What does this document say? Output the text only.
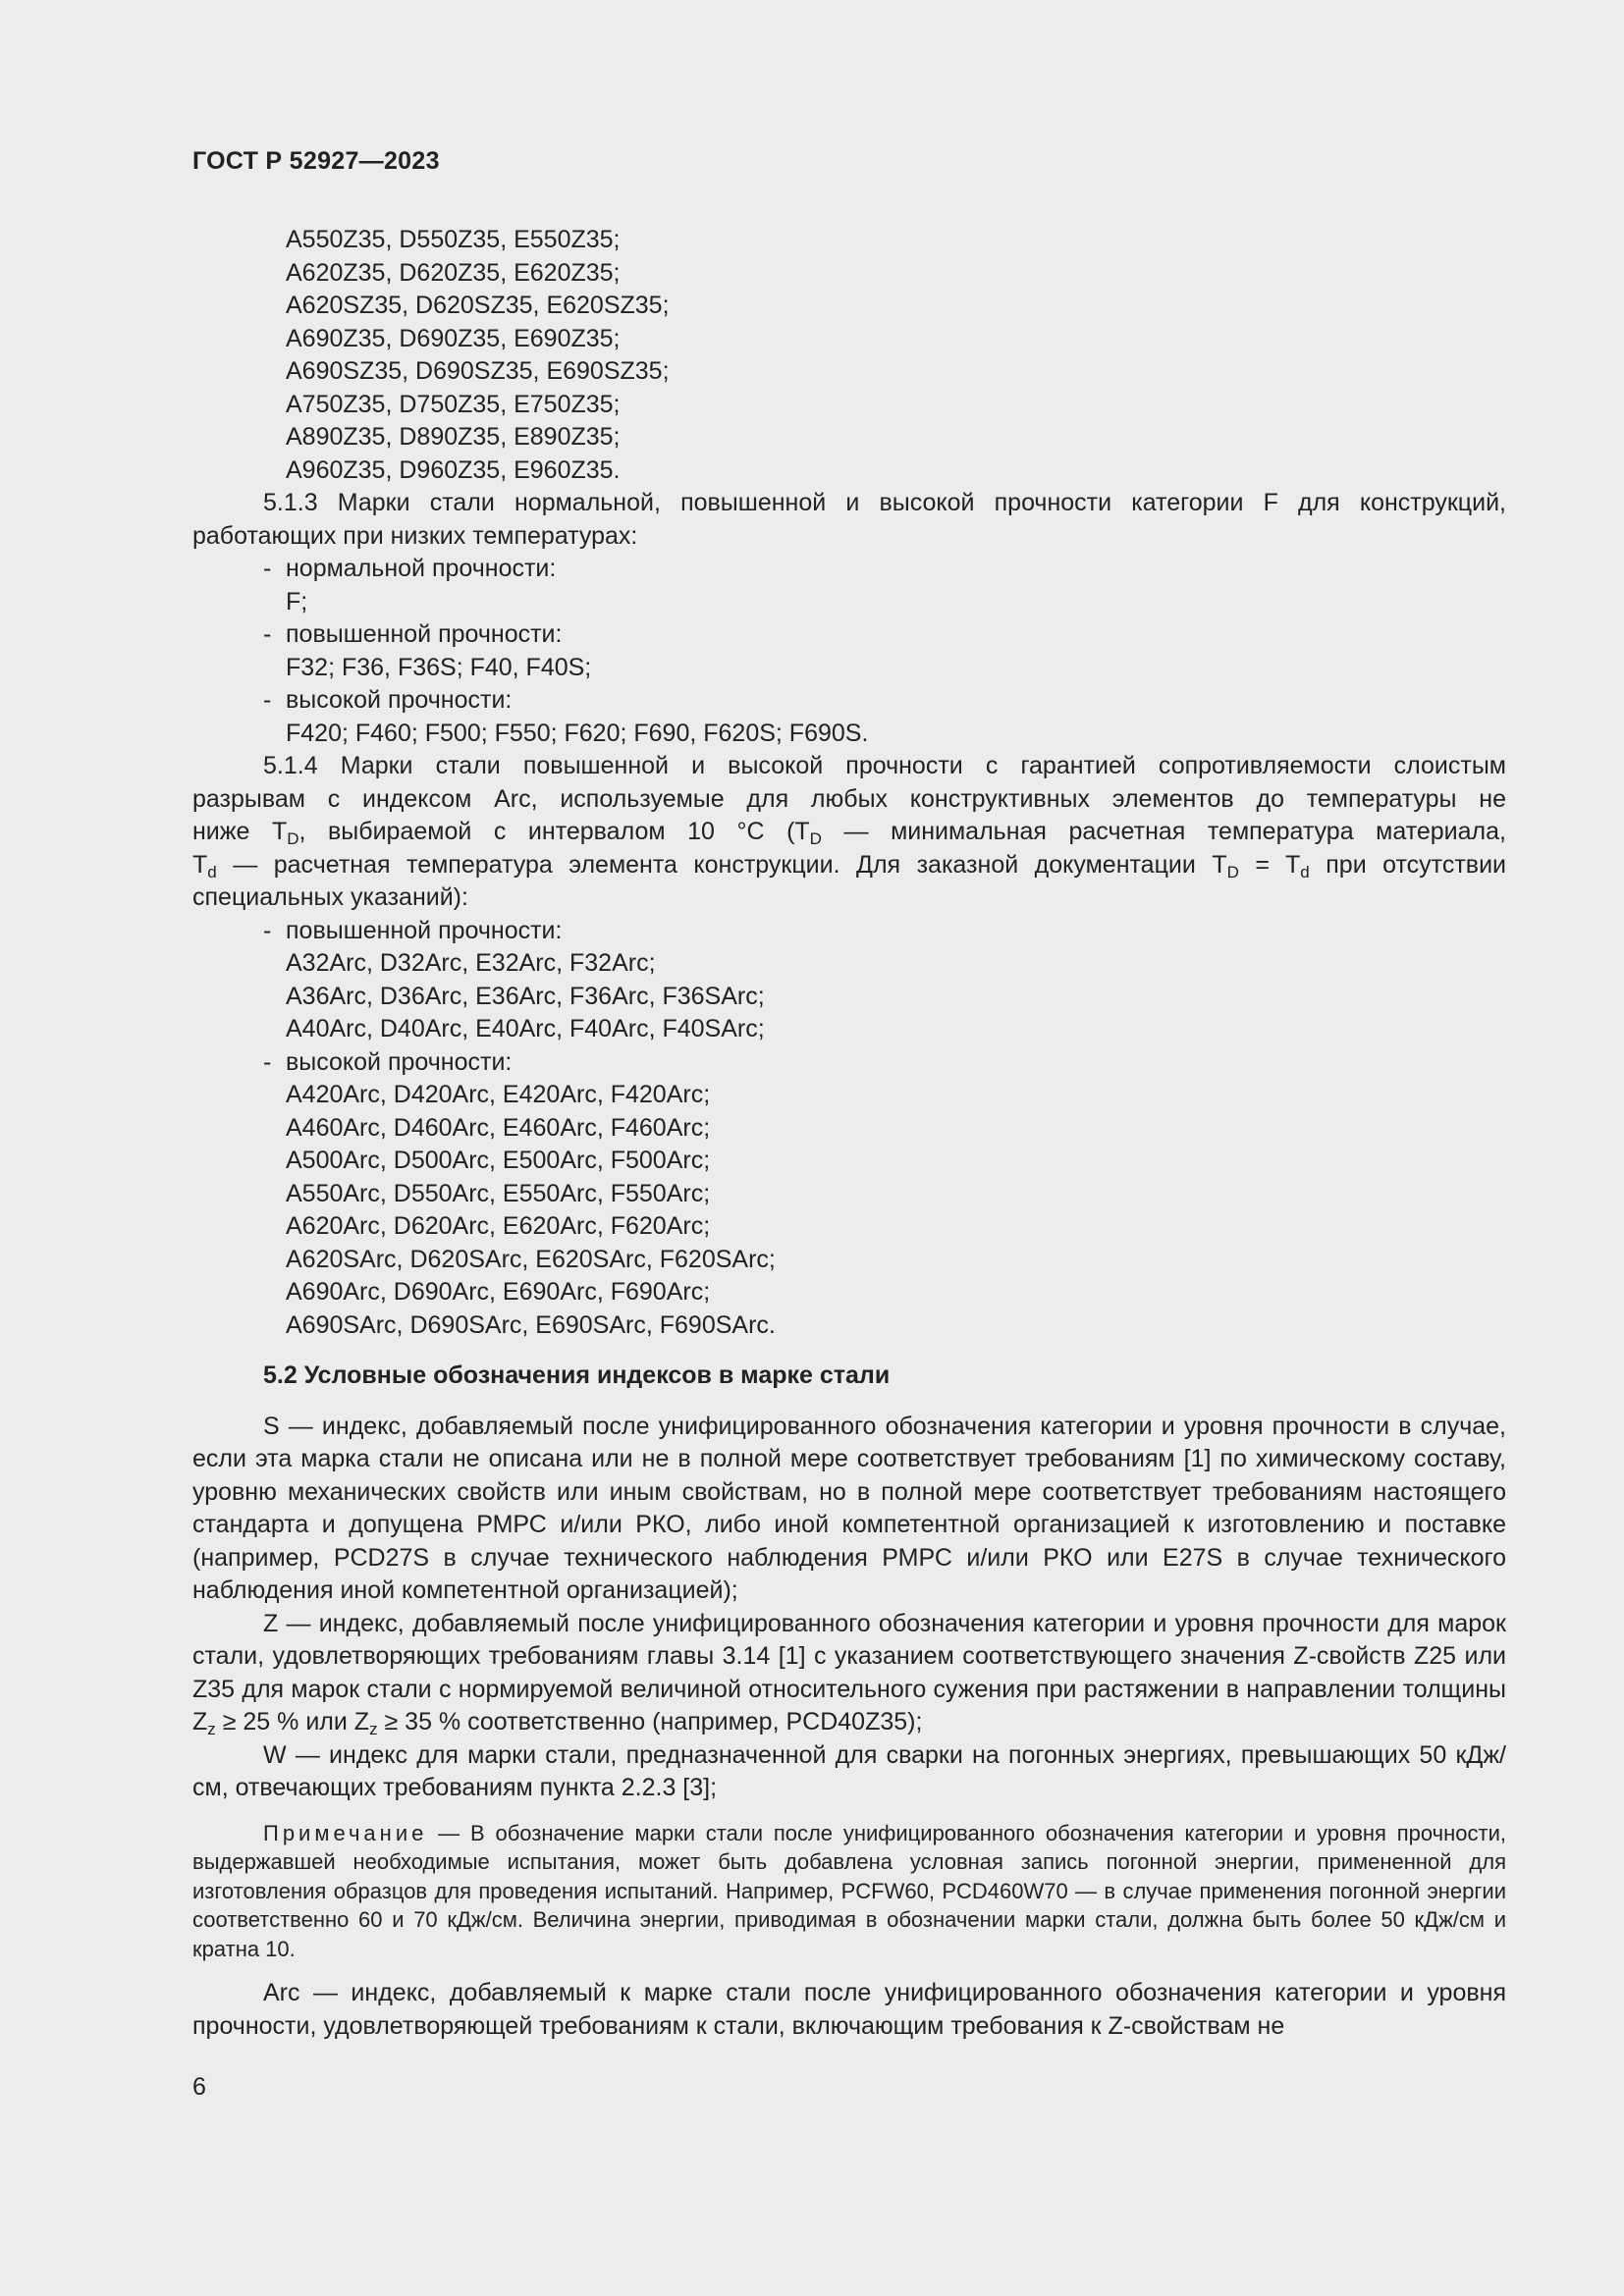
ГОСТ Р 52927—2023
A550Z35, D550Z35, E550Z35;
A620Z35, D620Z35, E620Z35;
A620SZ35, D620SZ35, E620SZ35;
A690Z35, D690Z35, E690Z35;
A690SZ35, D690SZ35, E690SZ35;
A750Z35, D750Z35, E750Z35;
A890Z35, D890Z35, E890Z35;
A960Z35, D960Z35, E960Z35.
5.1.3 Марки стали нормальной, повышенной и высокой прочности категории F для конструкций,
работающих при низких температурах:
- нормальной прочности:
F;
- повышенной прочности:
F32; F36, F36S; F40, F40S;
- высокой прочности:
F420; F460; F500; F550; F620; F690, F620S; F690S.
5.1.4 Марки стали повышенной и высокой прочности с гарантией сопротивляемости слоистым
разрывам с индексом Arc, используемые для любых конструктивных элементов до температуры не
ниже $T_D$, выбираемой с интервалом 10 °C ($T_D$ — минимальная расчетная температура материала,
$T_d$ — расчетная температура элемента конструкции. Для заказной документации $T_D = T_d$ при отсутствии
специальных указаний):
- повышенной прочности:
A32Arc, D32Arc, E32Arc, F32Arc;
A36Arc, D36Arc, E36Arc, F36Arc, F36SArc;
A40Arc, D40Arc, E40Arc, F40Arc, F40SArc;
- высокой прочности:
A420Arc, D420Arc, E420Arc, F420Arc;
A460Arc, D460Arc, E460Arc, F460Arc;
A500Arc, D500Arc, E500Arc, F500Arc;
A550Arc, D550Arc, E550Arc, F550Arc;
A620Arc, D620Arc, E620Arc, F620Arc;
A620SArc, D620SArc, E620SArc, F620SArc;
A690Arc, D690Arc, E690Arc, F690Arc;
A690SArc, D690SArc, E690SArc, F690SArc.
5.2 Условные обозначения индексов в марке стали
S — индекс, добавляемый после унифицированного обозначения категории и уровня прочности в случае, если эта марка стали не описана или не в полной мере соответствует требованиям [1] по химическому составу, уровню механических свойств или иным свойствам, но в полной мере соответствует требованиям настоящего стандарта и допущена РМРС и/или РКО, либо иной компетентной организацией к изготовлению и поставке (например, PCD27S в случае технического наблюдения РМРС и/или РКО или E27S в случае технического наблюдения иной компетентной организацией);
Z — индекс, добавляемый после унифицированного обозначения категории и уровня прочности для марок стали, удовлетворяющих требованиям главы 3.14 [1] с указанием соответствующего значения Z-свойств Z25 или Z35 для марок стали с нормируемой величиной относительного сужения при растяжении в направлении толщины $Z_z \ge 25$ % или $Z_z \ge 35$ % соответственно (например, PCD40Z35);
W — индекс для марки стали, предназначенной для сварки на погонных энергиях, превышающих 50 кДж/см, отвечающих требованиям пункта 2.2.3 [3];
Примечание — В обозначение марки стали после унифицированного обозначения категории и уровня прочности, выдержавшей необходимые испытания, может быть добавлена условная запись погонной энергии, примененной для изготовления образцов для проведения испытаний. Например, PCFW60, PCD460W70 — в случае применения погонной энергии соответственно 60 и 70 кДж/см. Величина энергии, приводимая в обозначении марки стали, должна быть более 50 кДж/см и кратна 10.
Arc — индекс, добавляемый к марке стали после унифицированного обозначения категории и уровня прочности, удовлетворяющей требованиям к стали, включающим требования к Z-свойствам не
6
